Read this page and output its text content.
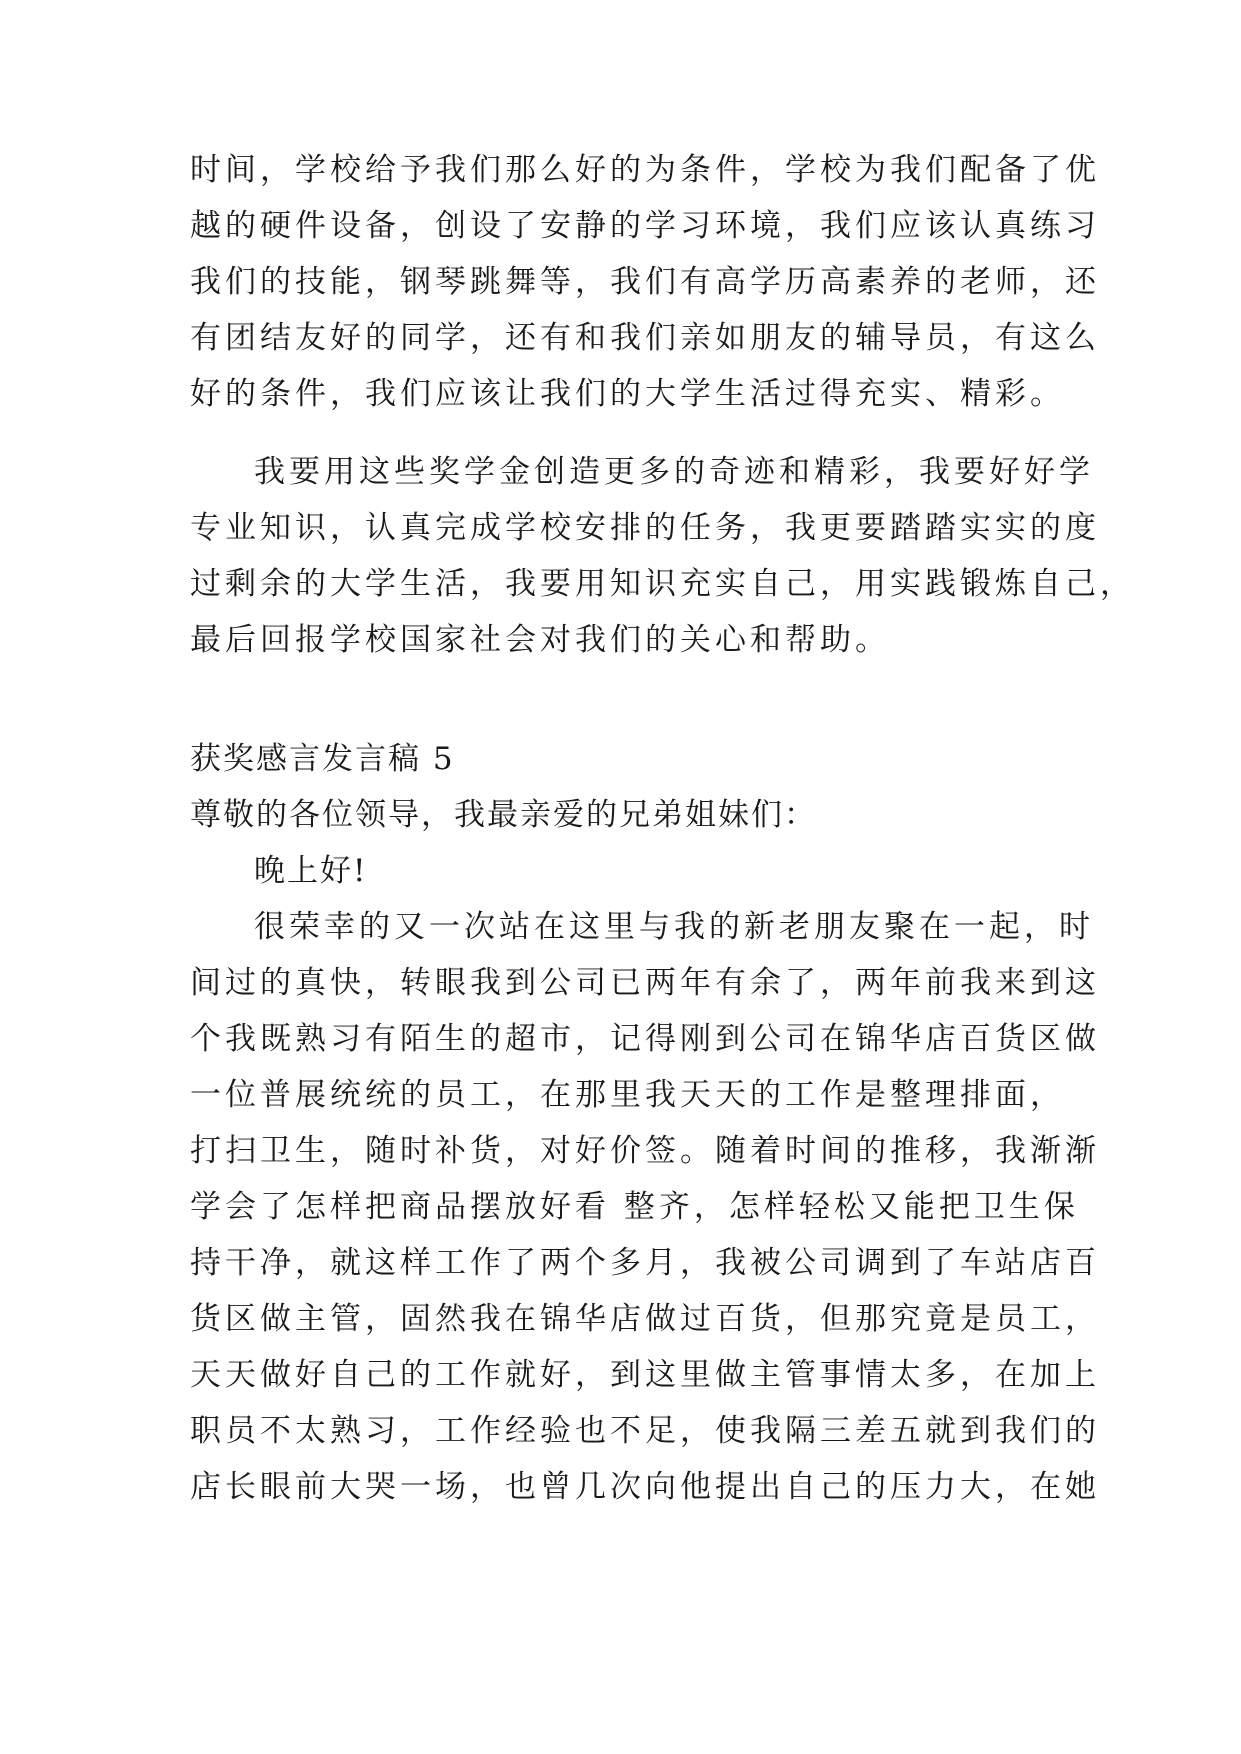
时间，学校给予我们那么好的为条件，学校为我们配备了优
越的硬件设备，创设了安静的学习环境，我们应该认真练习
我们的技能，钢琴跳舞等，我们有高学历高素养的老师，还
有团结友好的同学，还有和我们亲如朋友的辅导员，有这么
好的条件，我们应该让我们的大学生活过得充实、精彩。
我要用这些奖学金创造更多的奇迹和精彩，我要好好学
专业知识，认真完成学校安排的任务，我更要踏踏实实的度
过剩余的大学生活，我要用知识充实自己，用实践锻炼自己，
最后回报学校国家社会对我们的关心和帮助。
获奖感言发言稿 5
尊敬的各位领导，我最亲爱的兄弟姐妹们：
晚上好!
很荣幸的又一次站在这里与我的新老朋友聚在一起，时
间过的真快，转眼我到公司已两年有余了，两年前我来到这
个我既熟习有陌生的超市，记得刚到公司在锦华店百货区做
一位普展统统的员工，在那里我天天的工作是整理排面，
打扫卫生，随时补货，对好价签。随着时间的推移，我渐渐
学会了怎样把商品摆放好看 整齐，怎样轻松又能把卫生保
持干净，就这样工作了两个多月，我被公司调到了车站店百
货区做主管，固然我在锦华店做过百货，但那究竟是员工，
天天做好自己的工作就好，到这里做主管事情太多，在加上
职员不太熟习，工作经验也不足，使我隔三差五就到我们的
店长眼前大哭一场，也曾几次向他提出自己的压力大，在她
